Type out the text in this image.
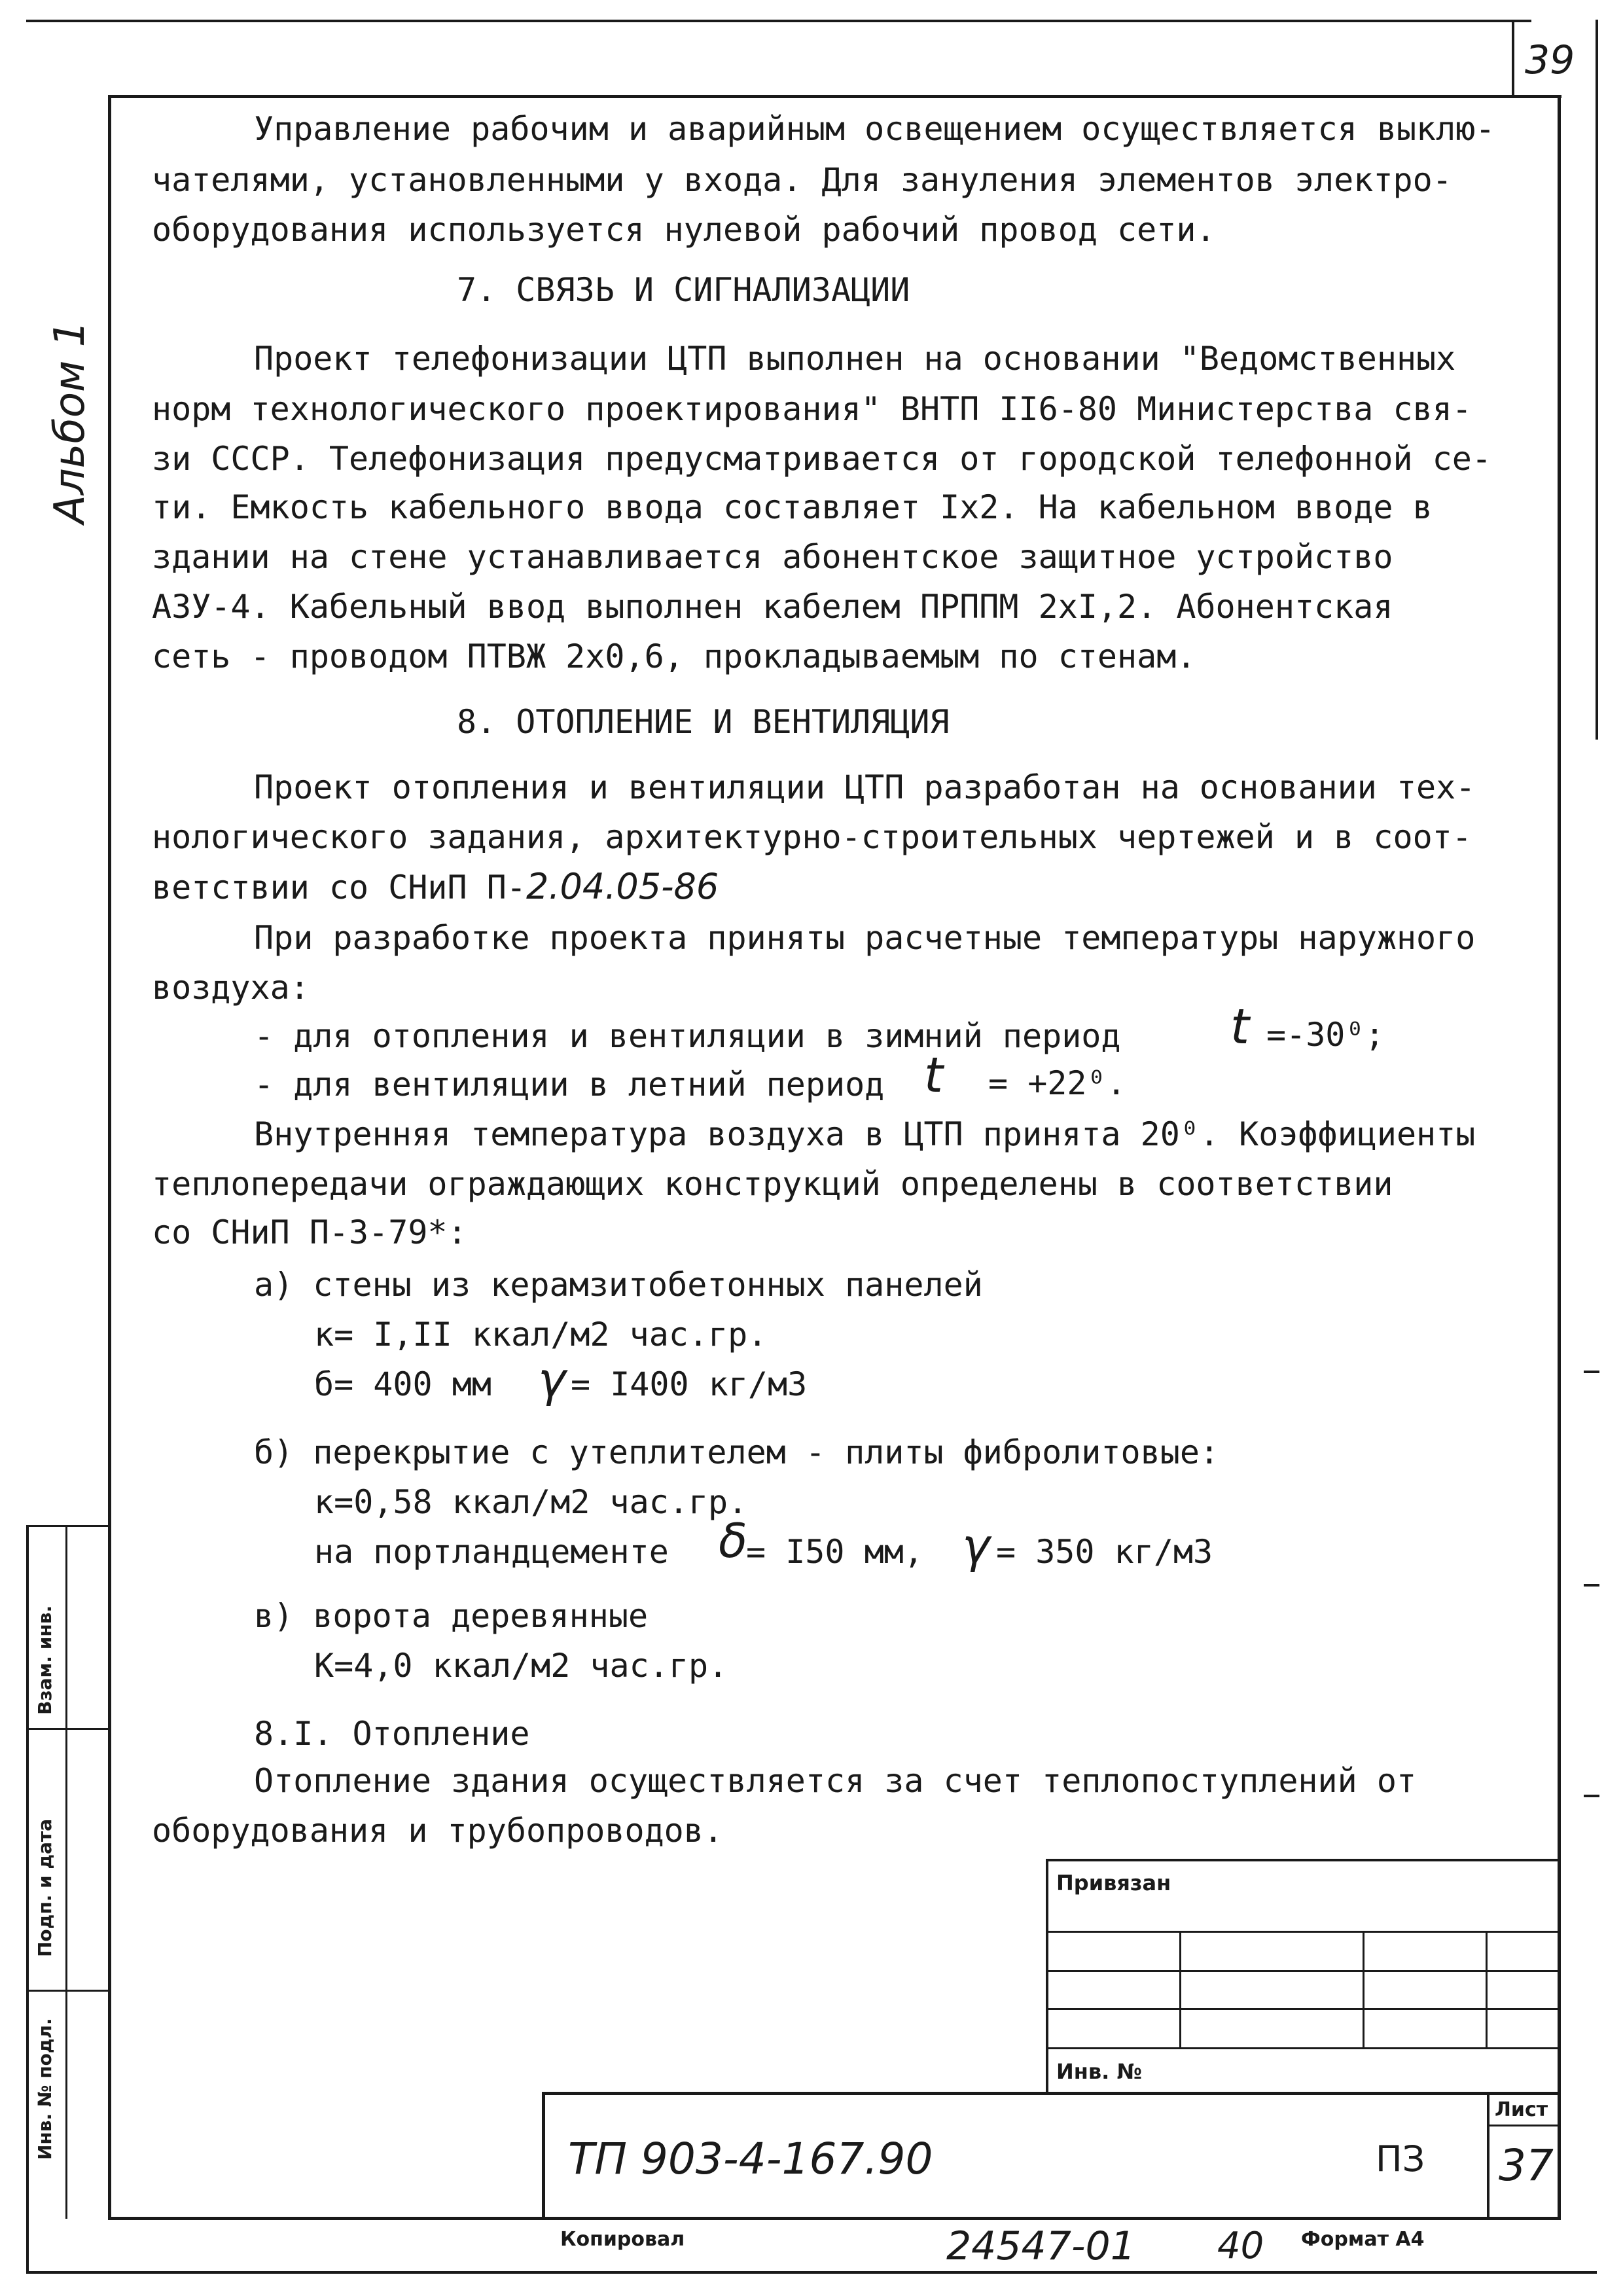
39
Альбом 1
Взам. инв.
Подп. и дата
Инв. № подл.
Управление рабочим и аварийным освещением осуществляется выклю-
чателями, установленными у входа. Для зануления элементов электро-
оборудования используется нулевой рабочий провод сети.
7. СВЯЗЬ И СИГНАЛИЗАЦИИ
Проект телефонизации ЦТП выполнен на основании "Ведомственных
норм технологического проектирования" ВНТП II6-80 Министерства свя-
зи СССР. Телефонизация предусматривается от городской телефонной се-
ти. Емкость кабельного ввода составляет Iх2. На кабельном вводе в
здании на стене устанавливается абонентское защитное устройство
АЗУ-4. Кабельный ввод выполнен кабелем ПРППМ 2хI,2. Абонентская
сеть - проводом ПТВЖ 2х0,6, прокладываемым по стенам.
8. ОТОПЛЕНИЕ И ВЕНТИЛЯЦИЯ
Проект отопления и вентиляции ЦТП разработан на основании тех-
нологического задания, архитектурно-строительных чертежей и в соот-
ветствии со СНиП П-2.04.05-86
При разработке проекта приняты расчетные температуры наружного
воздуха:
- для отопления и вентиляции в зимний период t =-30⁰;
- для вентиляции в летний период t = +22⁰.
Внутренняя температура воздуха в ЦТП принята 20⁰. Коэффициенты
теплопередачи ограждающих конструкций определены в соответствии
со СНиП П-3-79*:
а) стены из керамзитобетонных панелей
к= I,II ккал/м2 час.гр.
б= 400 мм γ = I400 кг/м3
б) перекрытие с утеплителем - плиты фибролитовые:
к=0,58 ккал/м2 час.гр.
на портландцементе δ
= I50 мм, γ = 350 кг/м3
в) ворота деревянные
К=4,0 ккал/м2 час.гр.
8.I. Отопление
Отопление здания осуществляется за счет теплопоступлений от
оборудования и трубопроводов.
Привязан
Инв. №
ТП 903-4-167.90	ПЗ
Лист
37
Копировал	24547-01 40 Формат А4
